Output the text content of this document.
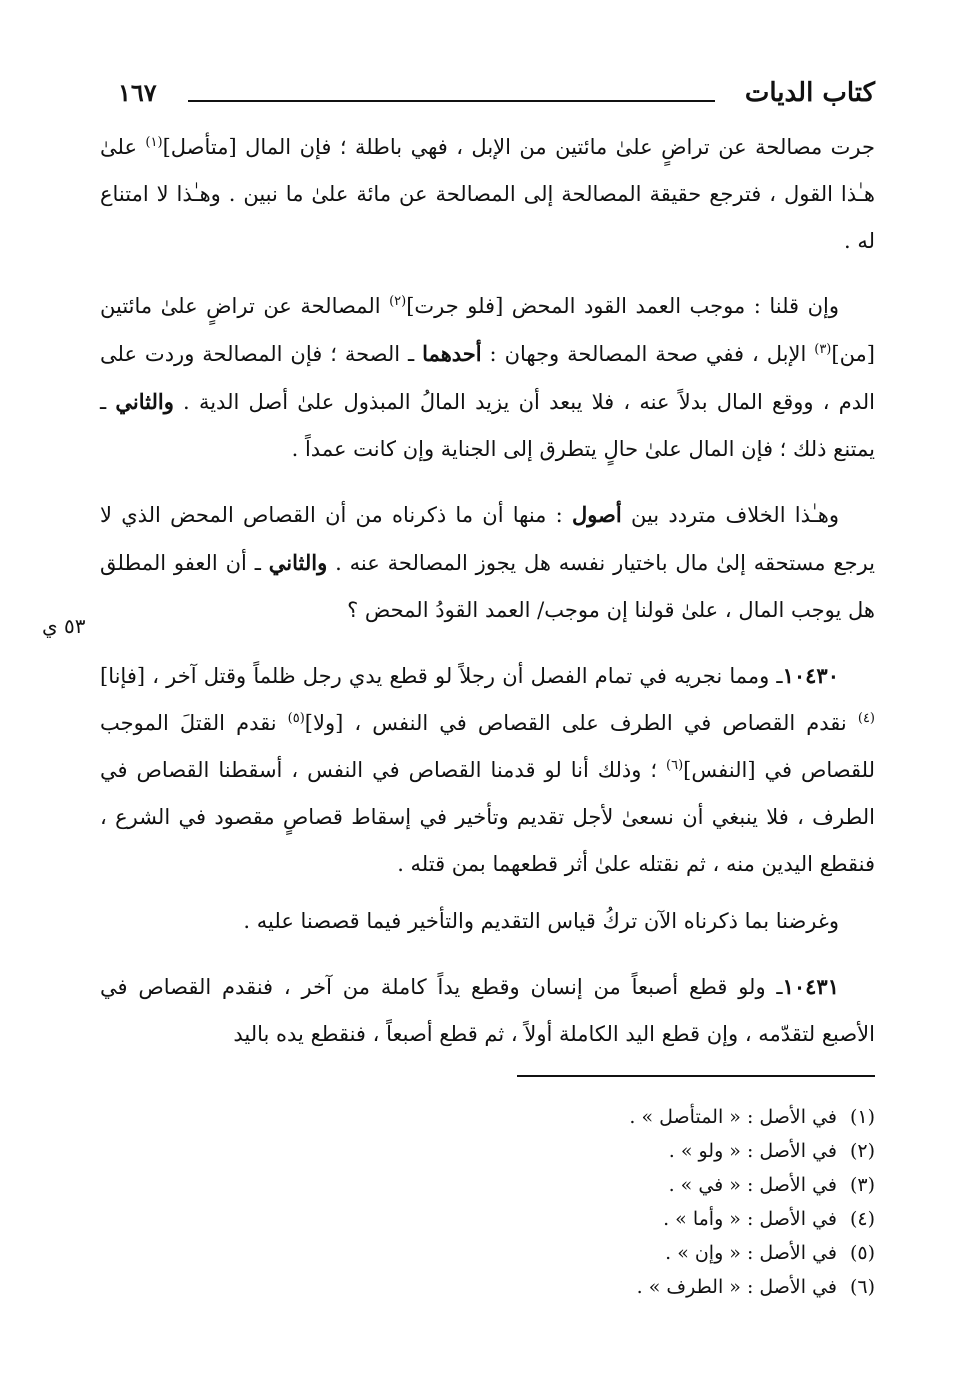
كتاب الديات
١٦٧
٥٣ ي

جرت مصالحة عن تراضٍ علىٰ مائتين من الإبل ، فهي باطلة ؛ فإن المال [متأصل]$^{(١)}$ علىٰ هـٰذا القول ، فترجع حقيقة المصالحة إلى المصالحة عن مائة علىٰ ما نبين . وهـٰذا لا امتناع له .

وإن قلنا : موجب العمد القود المحض [فلو جرت]$^{(٢)}$ المصالحة عن تراضٍ علىٰ مائتين [من]$^{(٣)}$ الإبل ، ففي صحة المصالحة وجهان : أحدهما ـ الصحة ؛ فإن المصالحة وردت على الدم ، ووقع المال بدلاً عنه ، فلا يبعد أن يزيد المالُ المبذول علىٰ أصل الدية . والثاني ـ يمتنع ذلك ؛ فإن المال علىٰ حالٍ يتطرق إلى الجناية وإن كانت عمداً .

وهـٰذا الخلاف متردد بين أصول : منها أن ما ذكرناه من أن القصاص المحض الذي لا يرجع مستحقه إلىٰ مال باختيار نفسه هل يجوز المصالحة عنه . والثاني ـ أن العفو المطلق هل يوجب المال ، علىٰ قولنا إن موجب/ العمد القودُ المحض ؟

١٠٤٣٠ـ ومما نجريه في تمام الفصل أن رجلاً لو قطع يدي رجل ظلماً وقتل آخر ، [فإنا]$^{(٤)}$ نقدم القصاص في الطرف على القصاص في النفس ، [ولا]$^{(٥)}$ نقدم القتلَ الموجب للقصاص في [النفس]$^{(٦)}$ ؛ وذلك أنا لو قدمنا القصاص في النفس ، أسقطنا القصاص في الطرف ، فلا ينبغي أن نسعىٰ لأجل تقديم وتأخير في إسقاط قصاصٍ مقصود في الشرع ، فنقطع اليدين منه ، ثم نقتله علىٰ أثر قطعهما بمن قتله .

وغرضنا بما ذكرناه الآن تركُ قياس التقديم والتأخير فيما قصصنا عليه .

١٠٤٣١ـ ولو قطع أصبعاً من إنسان وقطع يداً كاملة من آخر ، فنقدم القصاص في الأصبع لتقدّمه ، وإن قطع اليد الكاملة أولاً ، ثم قطع أصبعاً ، فنقطع يده باليد

(١)في الأصل : « المتأصل » .
(٢)في الأصل : « ولو » .
(٣)في الأصل : « في » .
(٤)في الأصل : « وأما » .
(٥)في الأصل : « وإن » .
(٦)في الأصل : « الطرف » .
